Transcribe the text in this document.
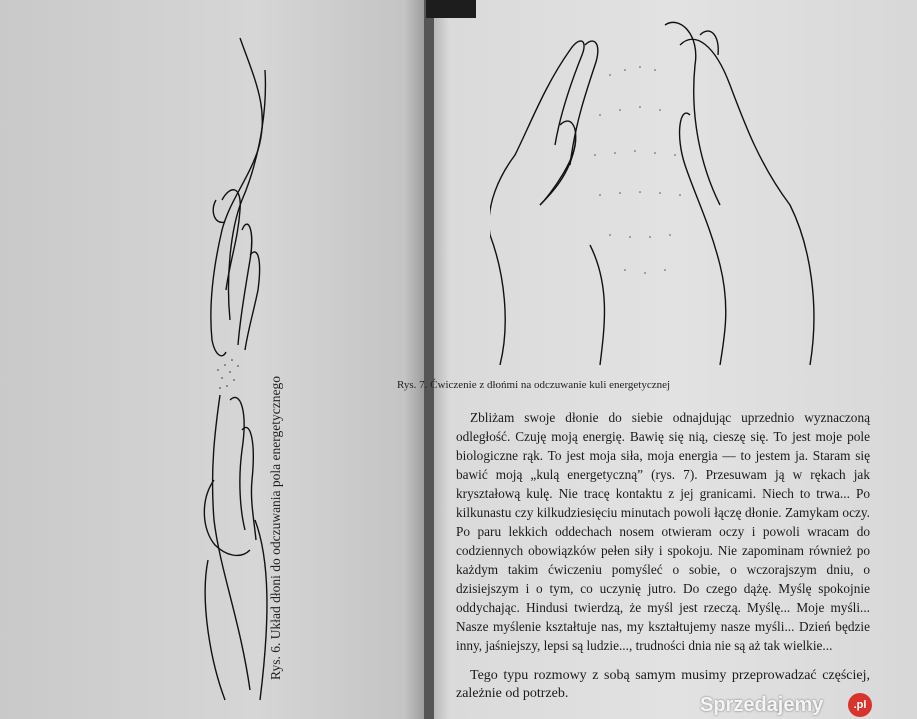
Rys. 6. Układ dłoni do odczuwania pola energetycznego	Rys. 7. Ćwiczenie z dłońmi na odczuwanie kuli energetycznej

Zbliżam swoje dłonie do siebie odnajdując uprzednio wyznaczoną odległość. Czuję moją energię. Bawię się nią, cieszę się. To jest moje pole biologiczne rąk. To jest moja siła, moja energia — to jestem ja. Staram się bawić moją „kulą energetyczną” (rys. 7). Przesuwam ją w rękach jak kryształową kulę. Nie tracę kontaktu z jej granicami. Niech to trwa... Po kilkunastu czy kilkudziesięciu minutach powoli łączę dłonie. Zamykam oczy. Po paru lekkich oddechach nosem otwieram oczy i powoli wracam do codziennych obowiązków pełen siły i spokoju. Nie zapominam również po każdym takim ćwiczeniu pomyśleć o sobie, o wczorajszym dniu, o dzisiejszym i o tym, co uczynię jutro. Do czego dążę. Myślę spokojnie oddychając. Hindusi twierdzą, że myśl jest rzeczą. Myślę... Moje myśli... Nasze myślenie kształtuje nas, my kształtujemy nasze myśli... Dzień będzie inny, jaśniejszy, lepsi są ludzie..., trudności dnia nie są aż tak wielkie...

Tego typu rozmowy z sobą samym musimy przeprowadzać częściej, zależnie od potrzeb.

Sprzedajemy	.pl
